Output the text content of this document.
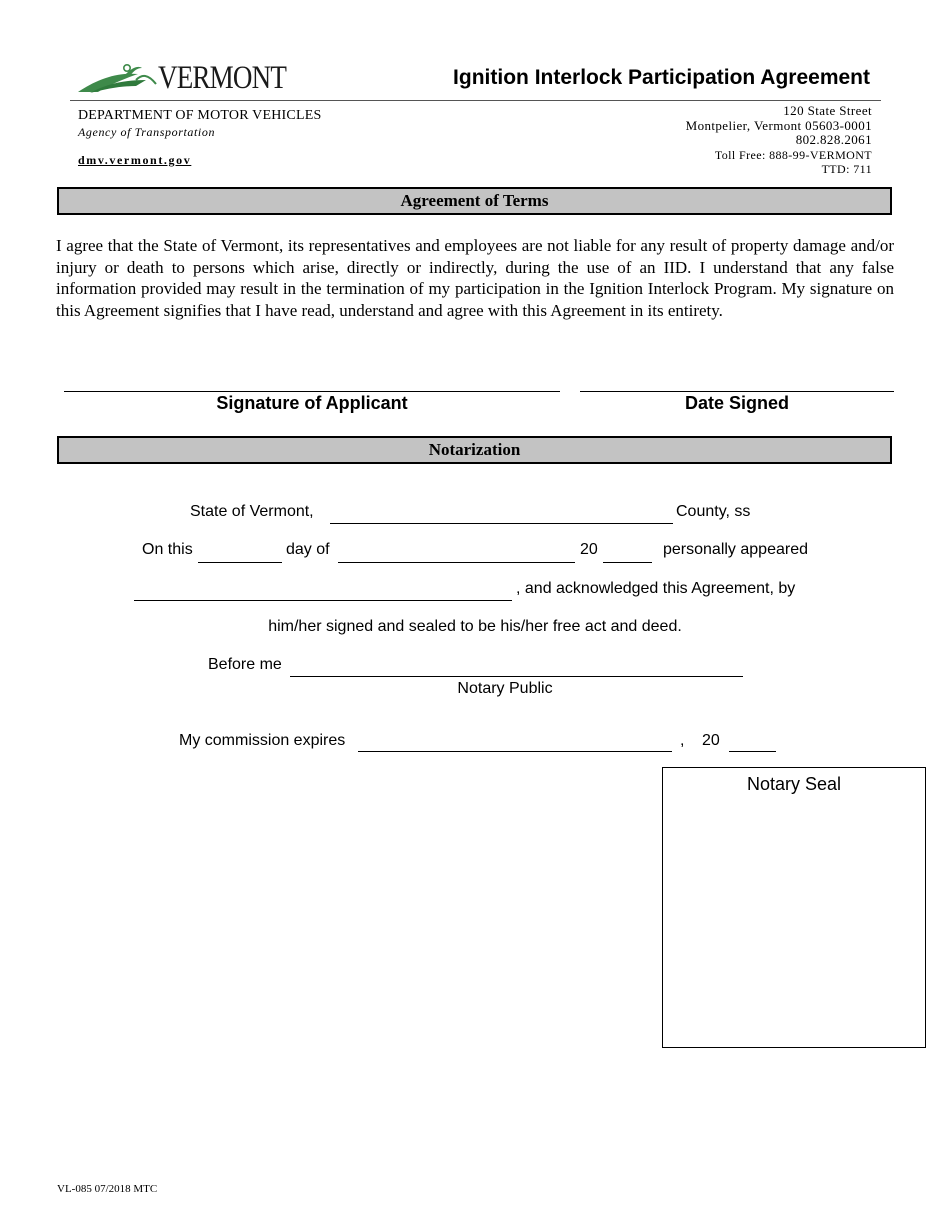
VERMONT	Ignition Interlock Participation Agreement
DEPARTMENT OF MOTOR VEHICLES
Agency of Transportation
dmv.vermont.gov
120 State Street
Montpelier, Vermont 05603-0001
802.828.2061
Toll Free: 888-99-VERMONT
TTD: 711
Agreement of Terms
I agree that the State of Vermont, its representatives and employees are not liable for any result of property damage and/or injury or death to persons which arise, directly or indirectly, during the use of an IID. I understand that any false information provided may result in the termination of my participation in the Ignition Interlock Program. My signature on this Agreement signifies that I have read, understand and agree with this Agreement in its entirety.
Signature of Applicant	Date Signed
Notarization
State of Vermont,	County, ss
On this	day of	20	personally appeared
, and acknowledged this Agreement, by
him/her signed and sealed to be his/her free act and deed.
Before me
Notary Public
My commission expires	, 20
Notary Seal
VL-085 07/2018 MTC
